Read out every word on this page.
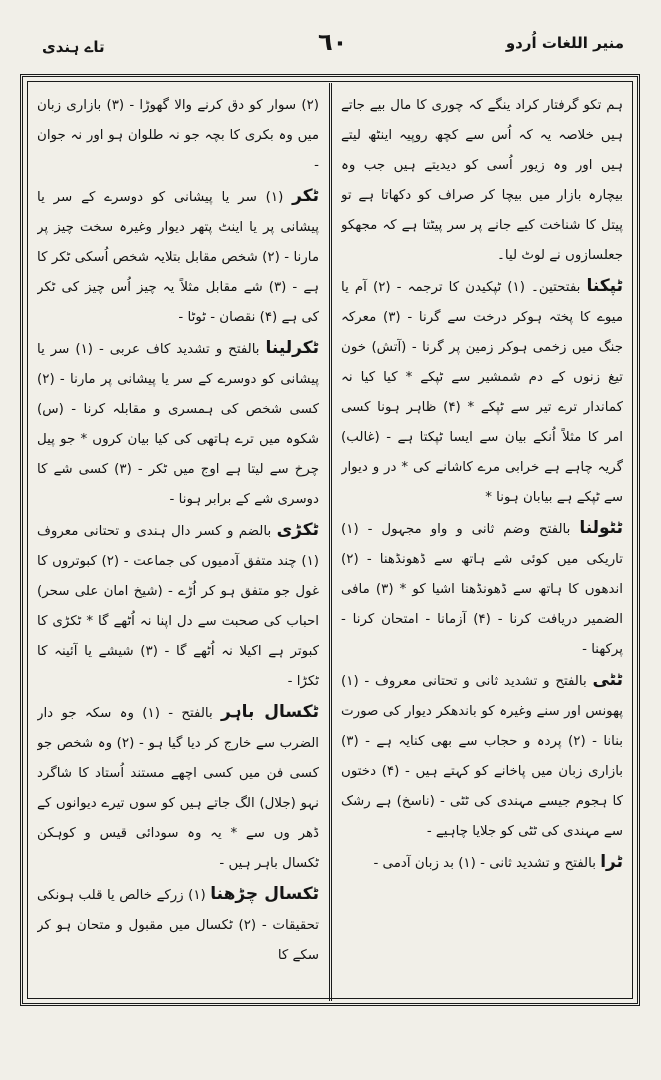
تاے ہندی	٦٠	منیر اللغات اُردو

ہم تکو گرفتار کراد ینگے کہ چوری کا مال بیے جاتے ہیں خلاصہ یہ کہ اُس سے کچھ روپیہ اینٹھ لیتے ہیں اور وہ زیور اُسی کو دیدیتے ہیں جب وہ بیچارہ بازار میں بیچا کر صراف کو دکھاتا ہے تو پیتل کا شناخت کیے جانے پر سر پیٹتا ہے کہ مجھکو جعلسازوں نے لوٹ لیا۔

ٹپکنا بفتحتین۔ (۱) ٹپکیدن کا ترجمہ - (۲) آم یا میوے کا پختہ ہوکر درخت سے گرنا - (۳) معرکہ جنگ میں زخمی ہوکر زمین پر گرنا - (آتش) خون تیغ زنوں کے دم شمشیر سے ٹپکے * کیا کیا نہ کماندار ترے تیر سے ٹپکے * (۴) ظاہر ہونا کسی امر کا مثلاً اُنکے بیان سے ایسا ٹپکتا ہے - (غالب) گریہ چاہے ہے خرابی مرے کاشانے کی * در و دیوار سے ٹپکے ہے بیابان ہونا *

ٹٹولنا بالفتح وضم ثانی و واو مجہول - (۱) تاریکی میں کوئی شے ہاتھ سے ڈھونڈھنا - (۲) اندھوں کا ہاتھ سے ڈھونڈھنا اشیا کو * (۳) مافی الضمیر دریافت کرنا - (۴) آزمانا - امتحان کرنا - پرکھنا -

ٹٹی بالفتح و تشدید ثانی و تحتانی معروف - (۱) پھونس اور سنے وغیرہ کو باندھکر دیوار کی صورت بنانا - (۲) پردہ و حجاب سے بھی کنایہ ہے - (۳) بازاری زبان میں پاخانے کو کہتے ہیں - (۴) دختوں کا ہجوم جیسے مہندی کی ٹٹی - (ناسخ) ہے رشک سے مہندی کی ٹٹی کو جلایا چاہیے -

ٹرا بالفتح و تشدید ثانی - (۱) بد زبان آدمی -

(۲) سوار کو دق کرنے والا گھوڑا - (۳) بازاری زبان میں وہ بکری کا بچہ جو نہ طلوان ہو اور نہ جوان -

ٹکر (۱) سر یا پیشانی کو دوسرے کے سر یا پیشانی پر یا اینٹ پتھر دیوار وغیرہ سخت چیز پر مارنا - (۲) شخص مقابل بتلایہ شخص اُسکی ٹکر کا ہے - (۳) شے مقابل مثلاً یہ چیز اُس چیز کی ٹکر کی ہے (۴) نقصان - ٹوٹا -

ٹکرلینا بالفتح و تشدید کاف عربی - (۱) سر یا پیشانی کو دوسرے کے سر یا پیشانی پر مارنا - (۲) کسی شخص کی ہمسری و مقابلہ کرنا - (س) شکوہ میں ترے ہاتھی کی کیا بیان کروں * جو پیل چرخ سے لیتا ہے اوج میں ٹکر - (۳) کسی شے کا دوسری شے کے برابر ہونا -

ٹکڑی بالضم و کسر دال ہندی و تحتانی معروف (۱) چند متفق آدمیوں کی جماعت - (۲) کبوتروں کا غول جو متفق ہو کر اُڑے - (شیخ امان علی سحر) احباب کی صحبت سے دل اپنا نہ اُٹھے گا * ٹکڑی کا کبوتر ہے اکیلا نہ اُٹھے گا - (۳) شیشے یا آئینہ کا ٹکڑا -

ٹکسال باہر بالفتح - (۱) وہ سکہ جو دار الضرب سے خارج کر دیا گیا ہو - (۲) وہ شخص جو کسی فن میں کسی اچھے مستند اُستاد کا شاگرد نہو (جلال) الگ جاتے ہیں کو سوں تیرے دیوانوں کے ڈھر وں سے * یہ وہ سودائی قیس و کوہکن ٹکسال باہر ہیں -

ٹکسال چڑھنا (۱) زرکے خالص یا قلب ہونکی تحقیقات - (۲) ٹکسال میں مقبول و متحان ہو کر سکے کا
